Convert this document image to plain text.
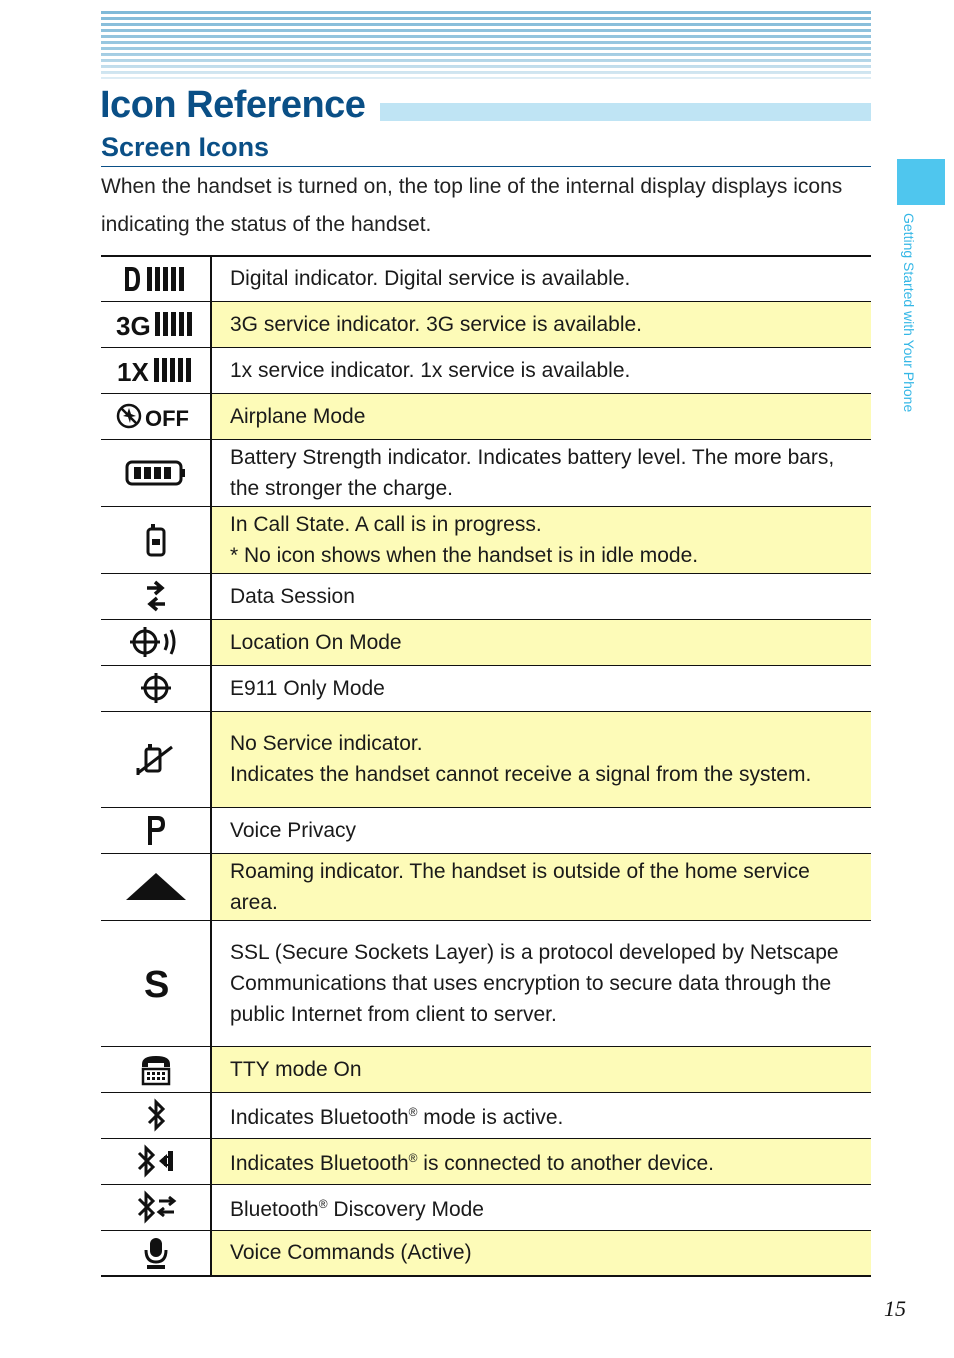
Icon Reference
Screen Icons

When the handset is turned on, the top line of the internal display displays icons indicating the status of the handset.	Getting Started with Your Phone

Digital indicator. Digital service is available.

3G	3G service indicator. 3G service is available.

1X	1x service indicator. 1x service is available.

OFF	Airplane Mode

Battery Strength indicator. Indicates battery level. The more bars, the stronger the charge.

In Call State. A call is in progress.
* No icon shows when the handset is in idle mode.

Data Session

Location On Mode

E911 Only Mode

No Service indicator.
Indicates the handset cannot receive a signal from the system.

Voice Privacy

Roaming indicator. The handset is outside of the home service area.

S	SSL (Secure Sockets Layer) is a protocol developed by Netscape Communications that uses encryption to secure data through the public Internet from client to server.

TTY mode On

Indicates Bluetooth® mode is active.

Indicates Bluetooth® is connected to another device.

Bluetooth® Discovery Mode

Voice Commands (Active)

15
